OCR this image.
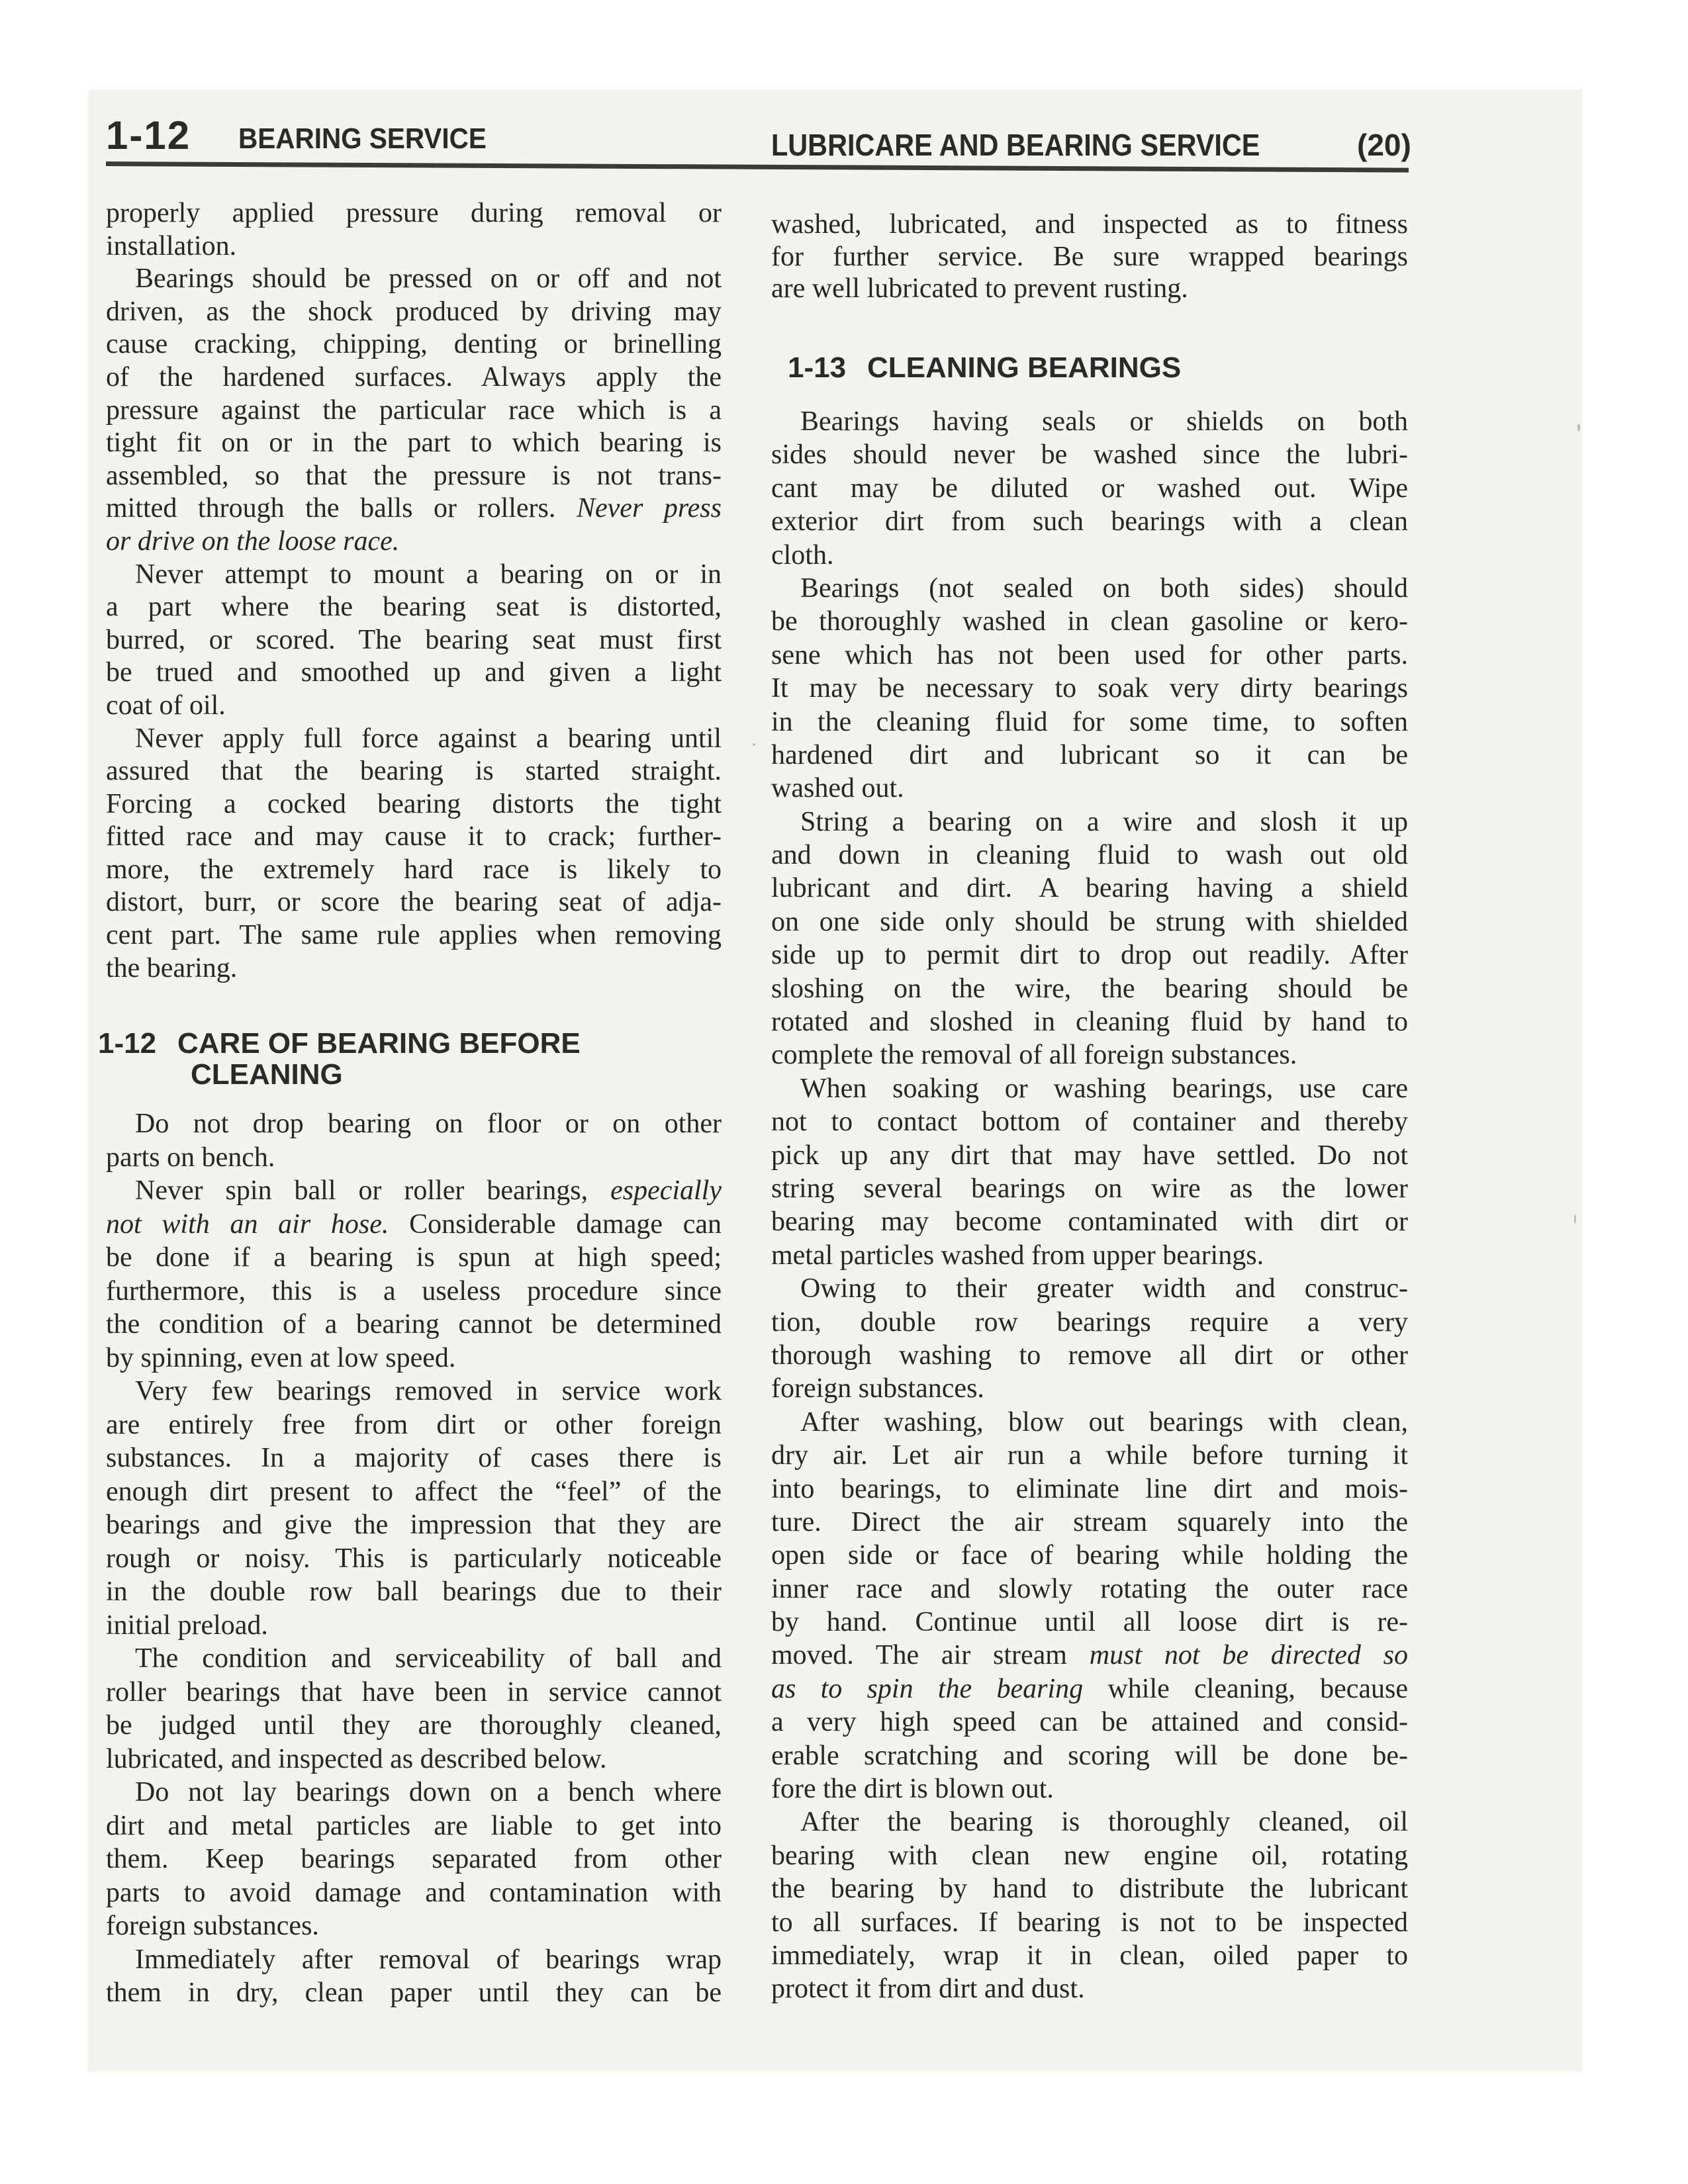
1-12 BEARING SERVICE	LUBRICARE AND BEARING SERVICE	(20)
properly applied pressure during removal or
installation.
Bearings should be pressed on or off and not
driven, as the shock produced by driving may
cause cracking, chipping, denting or brinelling
of the hardened surfaces. Always apply the
pressure against the particular race which is a
tight fit on or in the part to which bearing is
assembled, so that the pressure is not trans-
mitted through the balls or rollers. Never press
or drive on the loose race.
Never attempt to mount a bearing on or in
a part where the bearing seat is distorted,
burred, or scored. The bearing seat must first
be trued and smoothed up and given a light
coat of oil.
Never apply full force against a bearing until
assured that the bearing is started straight.
Forcing a cocked bearing distorts the tight
fitted race and may cause it to crack; further-
more, the extremely hard race is likely to
distort, burr, or score the bearing seat of adja-
cent part. The same rule applies when removing
the bearing.
1-12 CARE OF BEARING BEFORE
CLEANING
Do not drop bearing on floor or on other
parts on bench.
Never spin ball or roller bearings, especially
not with an air hose. Considerable damage can
be done if a bearing is spun at high speed;
furthermore, this is a useless procedure since
the condition of a bearing cannot be determined
by spinning, even at low speed.
Very few bearings removed in service work
are entirely free from dirt or other foreign
substances. In a majority of cases there is
enough dirt present to affect the “feel” of the
bearings and give the impression that they are
rough or noisy. This is particularly noticeable
in the double row ball bearings due to their
initial preload.
The condition and serviceability of ball and
roller bearings that have been in service cannot
be judged until they are thoroughly cleaned,
lubricated, and inspected as described below.
Do not lay bearings down on a bench where
dirt and metal particles are liable to get into
them. Keep bearings separated from other
parts to avoid damage and contamination with
foreign substances.
Immediately after removal of bearings wrap
them in dry, clean paper until they can be
washed, lubricated, and inspected as to fitness
for further service. Be sure wrapped bearings
are well lubricated to prevent rusting.
1-13 CLEANING BEARINGS
Bearings having seals or shields on both
sides should never be washed since the lubri-
cant may be diluted or washed out. Wipe
exterior dirt from such bearings with a clean
cloth.
Bearings (not sealed on both sides) should
be thoroughly washed in clean gasoline or kero-
sene which has not been used for other parts.
It may be necessary to soak very dirty bearings
in the cleaning fluid for some time, to soften
hardened dirt and lubricant so it can be
washed out.
String a bearing on a wire and slosh it up
and down in cleaning fluid to wash out old
lubricant and dirt. A bearing having a shield
on one side only should be strung with shielded
side up to permit dirt to drop out readily. After
sloshing on the wire, the bearing should be
rotated and sloshed in cleaning fluid by hand to
complete the removal of all foreign substances.
When soaking or washing bearings, use care
not to contact bottom of container and thereby
pick up any dirt that may have settled. Do not
string several bearings on wire as the lower
bearing may become contaminated with dirt or
metal particles washed from upper bearings.
Owing to their greater width and construc-
tion, double row bearings require a very
thorough washing to remove all dirt or other
foreign substances.
After washing, blow out bearings with clean,
dry air. Let air run a while before turning it
into bearings, to eliminate line dirt and mois-
ture. Direct the air stream squarely into the
open side or face of bearing while holding the
inner race and slowly rotating the outer race
by hand. Continue until all loose dirt is re-
moved. The air stream must not be directed so
as to spin the bearing while cleaning, because
a very high speed can be attained and consid-
erable scratching and scoring will be done be-
fore the dirt is blown out.
After the bearing is thoroughly cleaned, oil
bearing with clean new engine oil, rotating
the bearing by hand to distribute the lubricant
to all surfaces. If bearing is not to be inspected
immediately, wrap it in clean, oiled paper to
protect it from dirt and dust.
